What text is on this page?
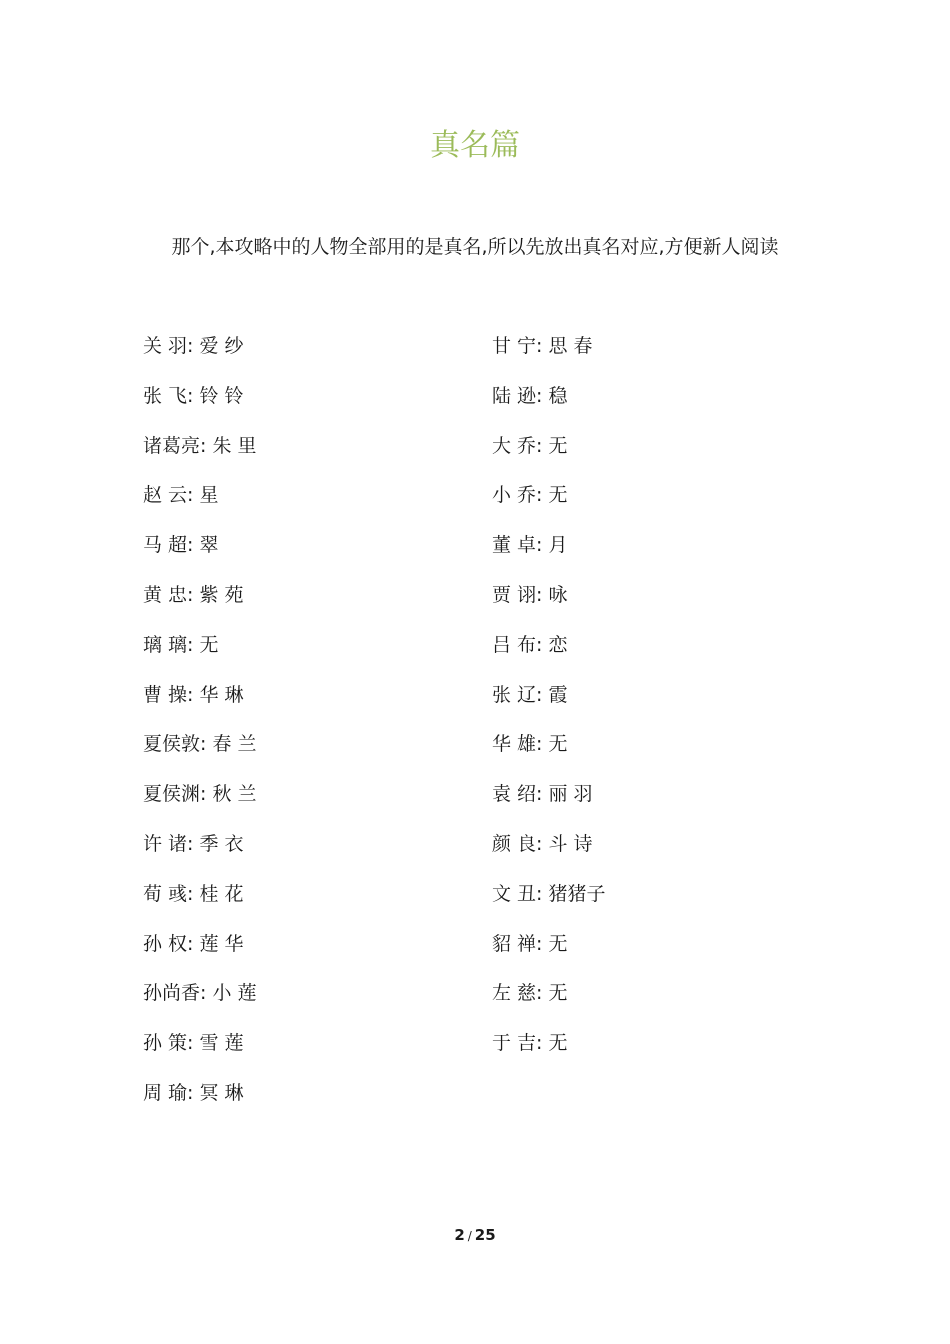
真名篇
那个,本攻略中的人物全部用的是真名,所以先放出真名对应,方便新人阅读
关 羽: 爱 纱
张 飞: 铃 铃
诸葛亮: 朱 里
赵 云: 星
马 超: 翠
黄 忠: 紫 苑
璃 璃: 无
曹 操: 华 琳
夏侯敦: 春 兰
夏侯渊: 秋 兰
许 诸: 季 衣
荀 彧: 桂 花
孙 权: 莲 华
孙尚香: 小 莲
孙 策: 雪 莲
周 瑜: 冥 琳
甘 宁: 思 春
陆 逊: 稳
大 乔: 无
小 乔: 无
董 卓: 月
贾 诩: 咏
吕 布: 恋
张 辽: 霞
华 雄: 无
袁 绍: 丽 羽
颜 良: 斗 诗
文 丑: 猪猪子
貂 禅: 无
左 慈: 无
于 吉: 无
2 / 25
